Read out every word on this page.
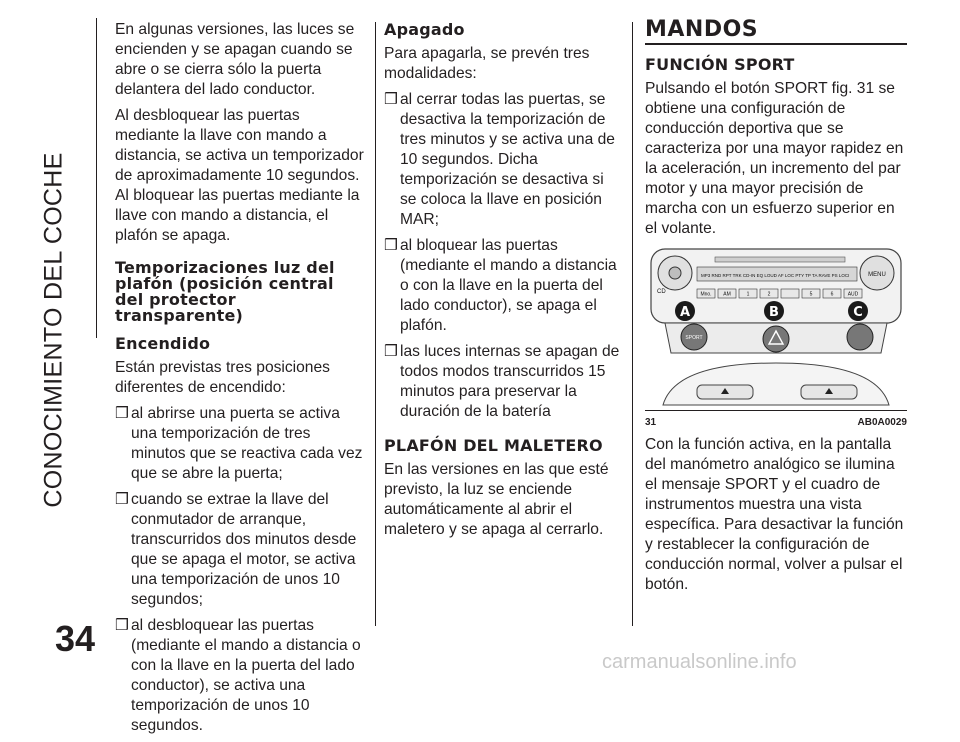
CONOCIMIENTO DEL COCHE
34

En algunas versiones, las luces se encienden y se apagan cuando se abre o se cierra sólo la puerta delantera del lado conductor.

Al desbloquear las puertas mediante la llave con mando a distancia, se activa un temporizador de aproximadamente 10 segundos. Al bloquear las puertas mediante la llave con mando a distancia, el plafón se apaga.

Temporizaciones luz del plafón (posición central del protector transparente)
Encendido

Están previstas tres posiciones diferentes de encendido:

❒ al abrirse una puerta se activa una temporización de tres minutos que se reactiva cada vez que se abre la puerta;
❒ cuando se extrae la llave del conmutador de arranque, transcurridos dos minutos desde que se apaga el motor, se activa una temporización de unos 10 segundos;
❒ al desbloquear las puertas (mediante el mando a distancia o con la llave en la puerta del lado conductor), se activa una temporización de unos 10 segundos.
Apagado

Para apagarla, se prevén tres modalidades:

❒ al cerrar todas las puertas, se desactiva la temporización de tres minutos y se activa una de 10 segundos. Dicha temporización se desactiva si se coloca la llave en posición MAR;
❒ al bloquear las puertas (mediante el mando a distancia o con la llave en la puerta del lado conductor), se apaga el plafón.
❒ las luces internas se apagan de todos modos transcurridos 15 minutos para preservar la duración de la batería
PLAFÓN DEL MALETERO

En las versiones en las que esté previsto, la luz se enciende automáticamente al abrir el maletero y se apaga al cerrarlo.

MANDOS
FUNCIÓN SPORT

Pulsando el botón SPORT fig. 31 se obtiene una configuración de conducción deportiva que se caracteriza por una mayor rapidez en la aceleración, un incremento del par motor y una mayor precisión de marcha con un esfuerzo superior en el volante.

MP3 RND RPT TRK CD-IN EQ LOUD AF LOC PTY TP TA RAVE PS LOCI	MENU
CD	Mno. AM	1	2	5	6	AUD
SPORT
A	B	C
31	AB0A0029

Con la función activa, en la pantalla del manómetro analógico se ilumina el mensaje SPORT y el cuadro de instrumentos muestra una vista específica. Para desactivar la función y restablecer la configuración de conducción normal, volver a pulsar el botón.

carmanualsonline.info
